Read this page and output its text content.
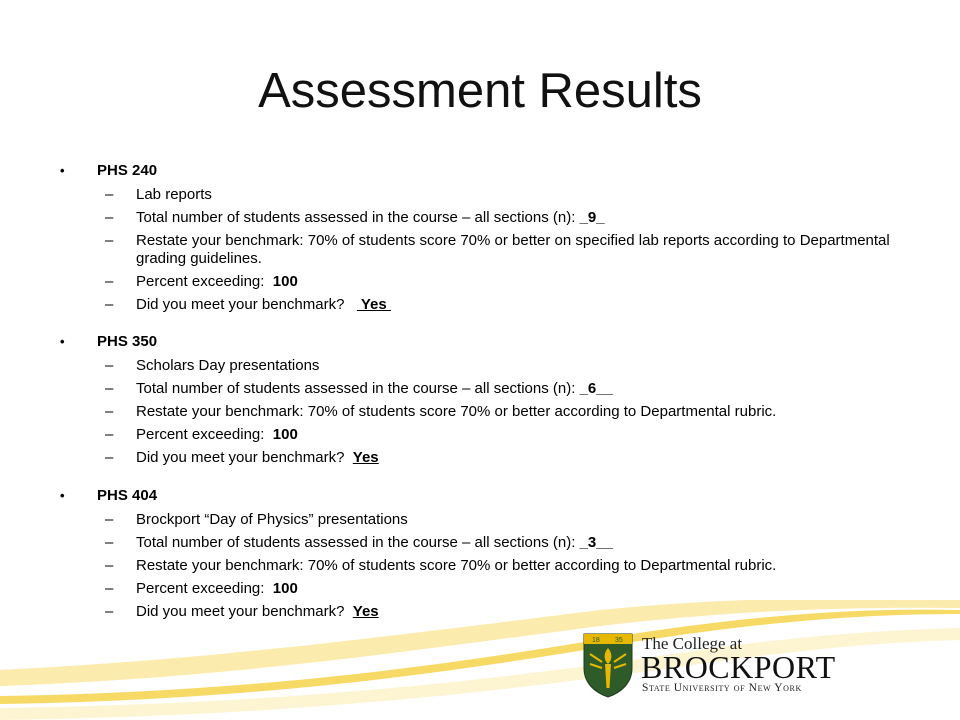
Assessment Results
• PHS 240
– Lab reports
– Total number of students assessed in the course – all sections (n): _9_
– Restate your benchmark: 70% of students score 70% or better on specified lab reports according to Departmental grading guidelines.
– Percent exceeding:  100
– Did you meet your benchmark?    Yes
• PHS 350
– Scholars Day presentations
– Total number of students assessed in the course – all sections (n): _6__
– Restate your benchmark: 70% of students score 70% or better according to Departmental rubric.
– Percent exceeding:  100
– Did you meet your benchmark?  Yes
• PHS 404
– Brockport “Day of Physics” presentations
– Total number of students assessed in the course – all sections (n): _3__
– Restate your benchmark: 70% of students score 70% or better according to Departmental rubric.
– Percent exceeding:  100
– Did you meet your benchmark?  Yes
18 35 The College at
BROCKPORT
State University of New York
